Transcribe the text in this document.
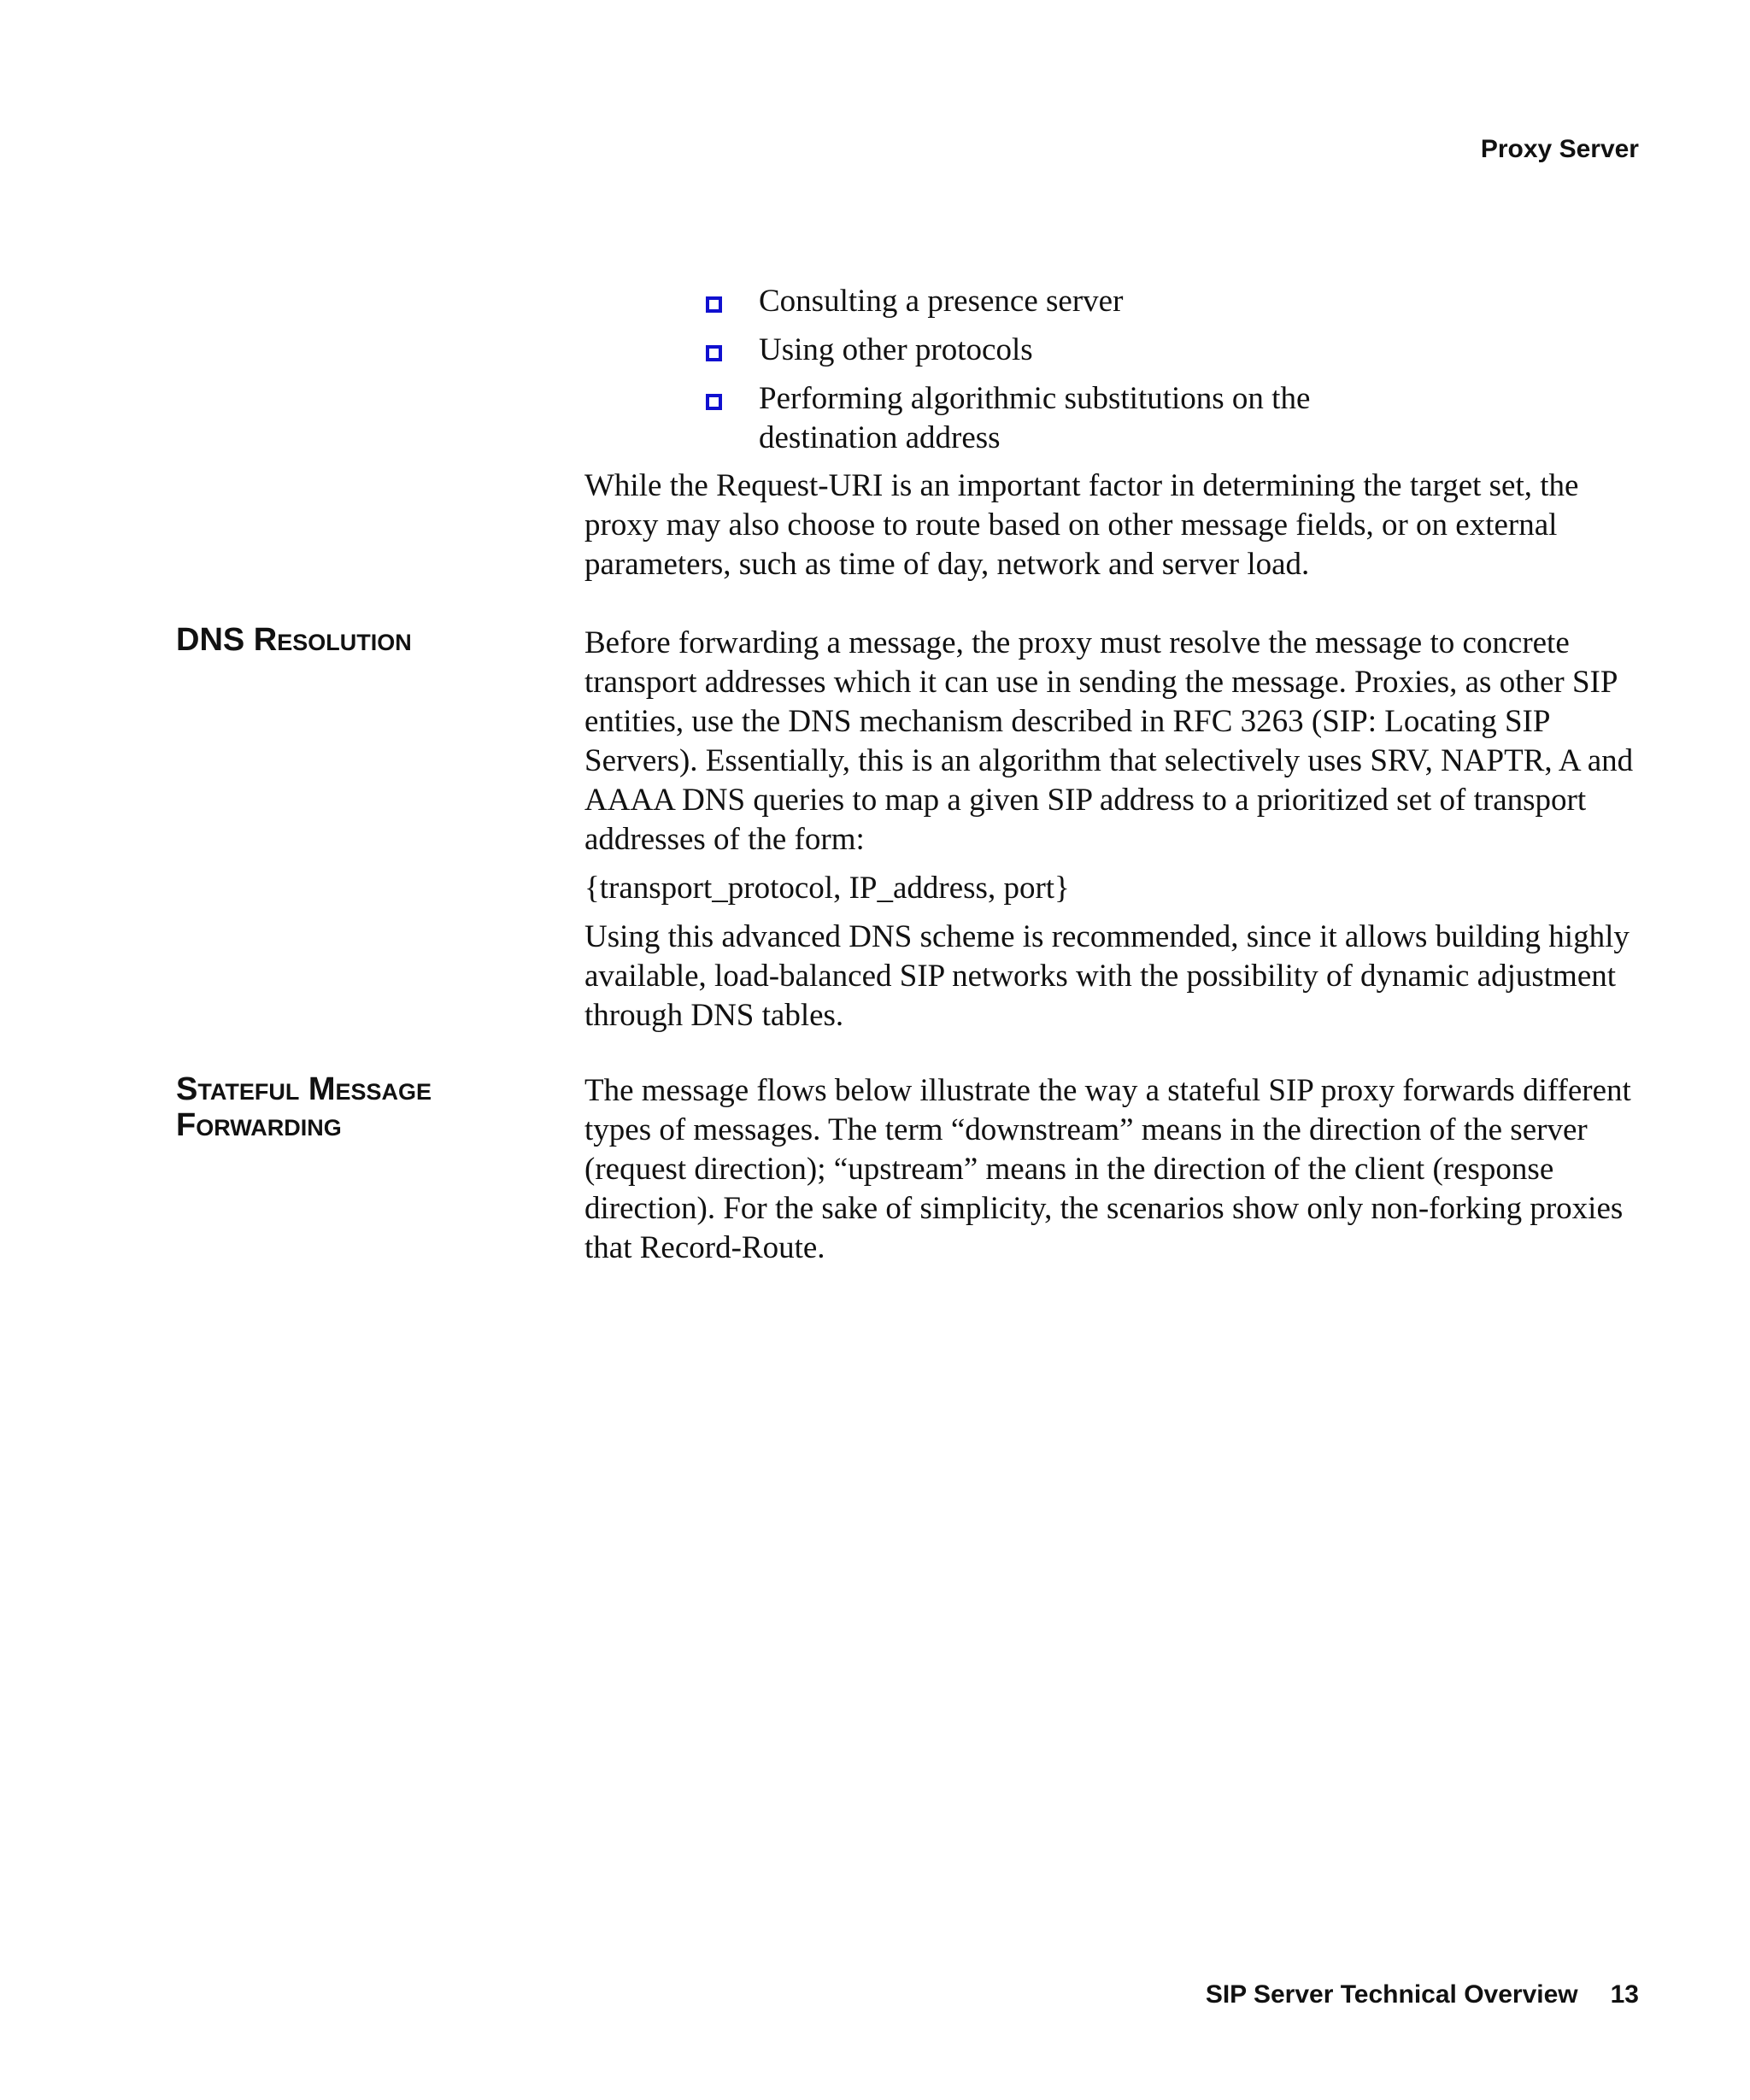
Proxy Server
Consulting a presence server
Using other protocols
Performing algorithmic substitutions on the destination address

While the Request-URI is an important factor in determining the target set, the proxy may also choose to route based on other message fields, or on external parameters, such as time of day, network and server load.

DNS Resolution	Before forwarding a message, the proxy must resolve the message to concrete transport addresses which it can use in sending the message. Proxies, as other SIP entities, use the DNS mechanism described in RFC 3263 (SIP: Locating SIP Servers). Essentially, this is an algorithm that selectively uses SRV, NAPTR, A and AAAA DNS queries to map a given SIP address to a prioritized set of transport addresses of the form:

{transport_protocol, IP_address, port}

Using this advanced DNS scheme is recommended, since it allows building highly available, load-balanced SIP networks with the possibility of dynamic adjustment through DNS tables.

Stateful Message Forwarding

The message flows below illustrate the way a stateful SIP proxy forwards different types of messages. The term “downstream” means in the direction of the server (request direction); “upstream” means in the direction of the client (response direction). For the sake of simplicity, the scenarios show only non-forking proxies that Record-Route.

SIP Server Technical Overview 13
